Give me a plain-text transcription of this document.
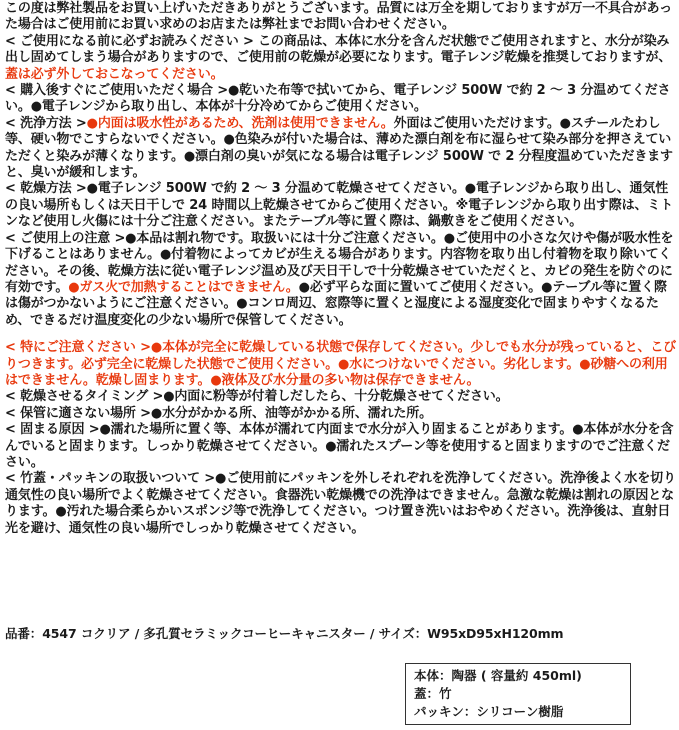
この度は弊社製品をお買い上げいただきありがとうございます。品質には万全を期しておりますが万一不具合があった場合はご使用前にお買い求めのお店または弊社までお問い合わせください。
< ご使用になる前に必ずお読みください > この商品は、本体に水分を含んだ状態でご使用されますと、水分が染み出し固めてしまう場合がありますので、ご使用前の乾燥が必要になります。電子レンジ乾燥を推奨しておりますが、蓋は必ず外しておこなってください。
< 購入後すぐにご使用いただく場合 >●乾いた布等で拭いてから、電子レンジ 500W で約 2 ～ 3 分温めてください。●電子レンジから取り出し、本体が十分冷めてからご使用ください。
< 洗浄方法 >●内面は吸水性があるため、洗剤は使用できません。外面はご使用いただけます。●スチールたわし等、硬い物でこすらないでください。●色染みが付いた場合は、薄めた漂白剤を布に湿らせて染み部分を押さえていただくと染みが薄くなります。●漂白剤の臭いが気になる場合は電子レンジ 500W で 2 分程度温めていただきますと、臭いが緩和します。
< 乾燥方法 >●電子レンジ 500W で約 2 ～ 3 分温めて乾燥させてください。●電子レンジから取り出し、通気性の良い場所もしくは天日干しで 24 時間以上乾燥させてからご使用ください。※電子レンジから取り出す際は、ミトンなど使用し火傷には十分ご注意ください。またテーブル等に置く際は、鍋敷きをご使用ください。
< ご使用上の注意 >●本品は割れ物です。取扱いには十分ご注意ください。●ご使用中の小さな欠けや傷が吸水性を下げることはありません。●付着物によってカビが生える場合があります。内容物を取り出し付着物を取り除いてください。その後、乾燥方法に従い電子レンジ温め及び天日干しで十分乾燥させていただくと、カビの発生を防ぐのに有効です。●ガス火で加熱することはできません。●必ず平らな面に置いてご使用ください。●テーブル等に置く際は傷がつかないようにご注意ください。●コンロ周辺、窓際等に置くと湿度による湿度変化で固まりやすくなるため、できるだけ温度変化の少ない場所で保管してください。
< 特にご注意ください >●本体が完全に乾燥している状態で保存してください。少しでも水分が残っていると、こびりつきます。必ず完全に乾燥した状態でご使用ください。●水につけないでください。劣化します。●砂糖への利用はできません。乾燥し固まります。●液体及び水分量の多い物は保存できません。
< 乾燥させるタイミング >●内面に粉等が付着しだしたら、十分乾燥させてください。
< 保管に適さない場所 >●水分がかかる所、油等がかかる所、濡れた所。
< 固まる原因 >●濡れた場所に置く等、本体が濡れて内面まで水分が入り固まることがあります。●本体が水分を含んでいると固まります。しっかり乾燥させてください。●濡れたスプーン等を使用すると固まりますのでご注意ください。
< 竹蓋・パッキンの取扱いついて >●ご使用前にパッキンを外しそれぞれを洗浄してください。洗浄後よく水を切り通気性の良い場所でよく乾燥させてください。食器洗い乾燥機での洗浄はできません。急激な乾燥は割れの原因となります。●汚れた場合柔らかいスポンジ等で洗浄してください。つけ置き洗いはおやめください。洗浄後は、直射日光を避け、通気性の良い場所でしっかり乾燥させてください。
品番：4547 コクリア / 多孔質セラミックコーヒーキャニスター / サイズ：W95xD95xH120mm
本体：陶器 ( 容量約 450ml)
蓋：竹
パッキン：シリコーン樹脂
